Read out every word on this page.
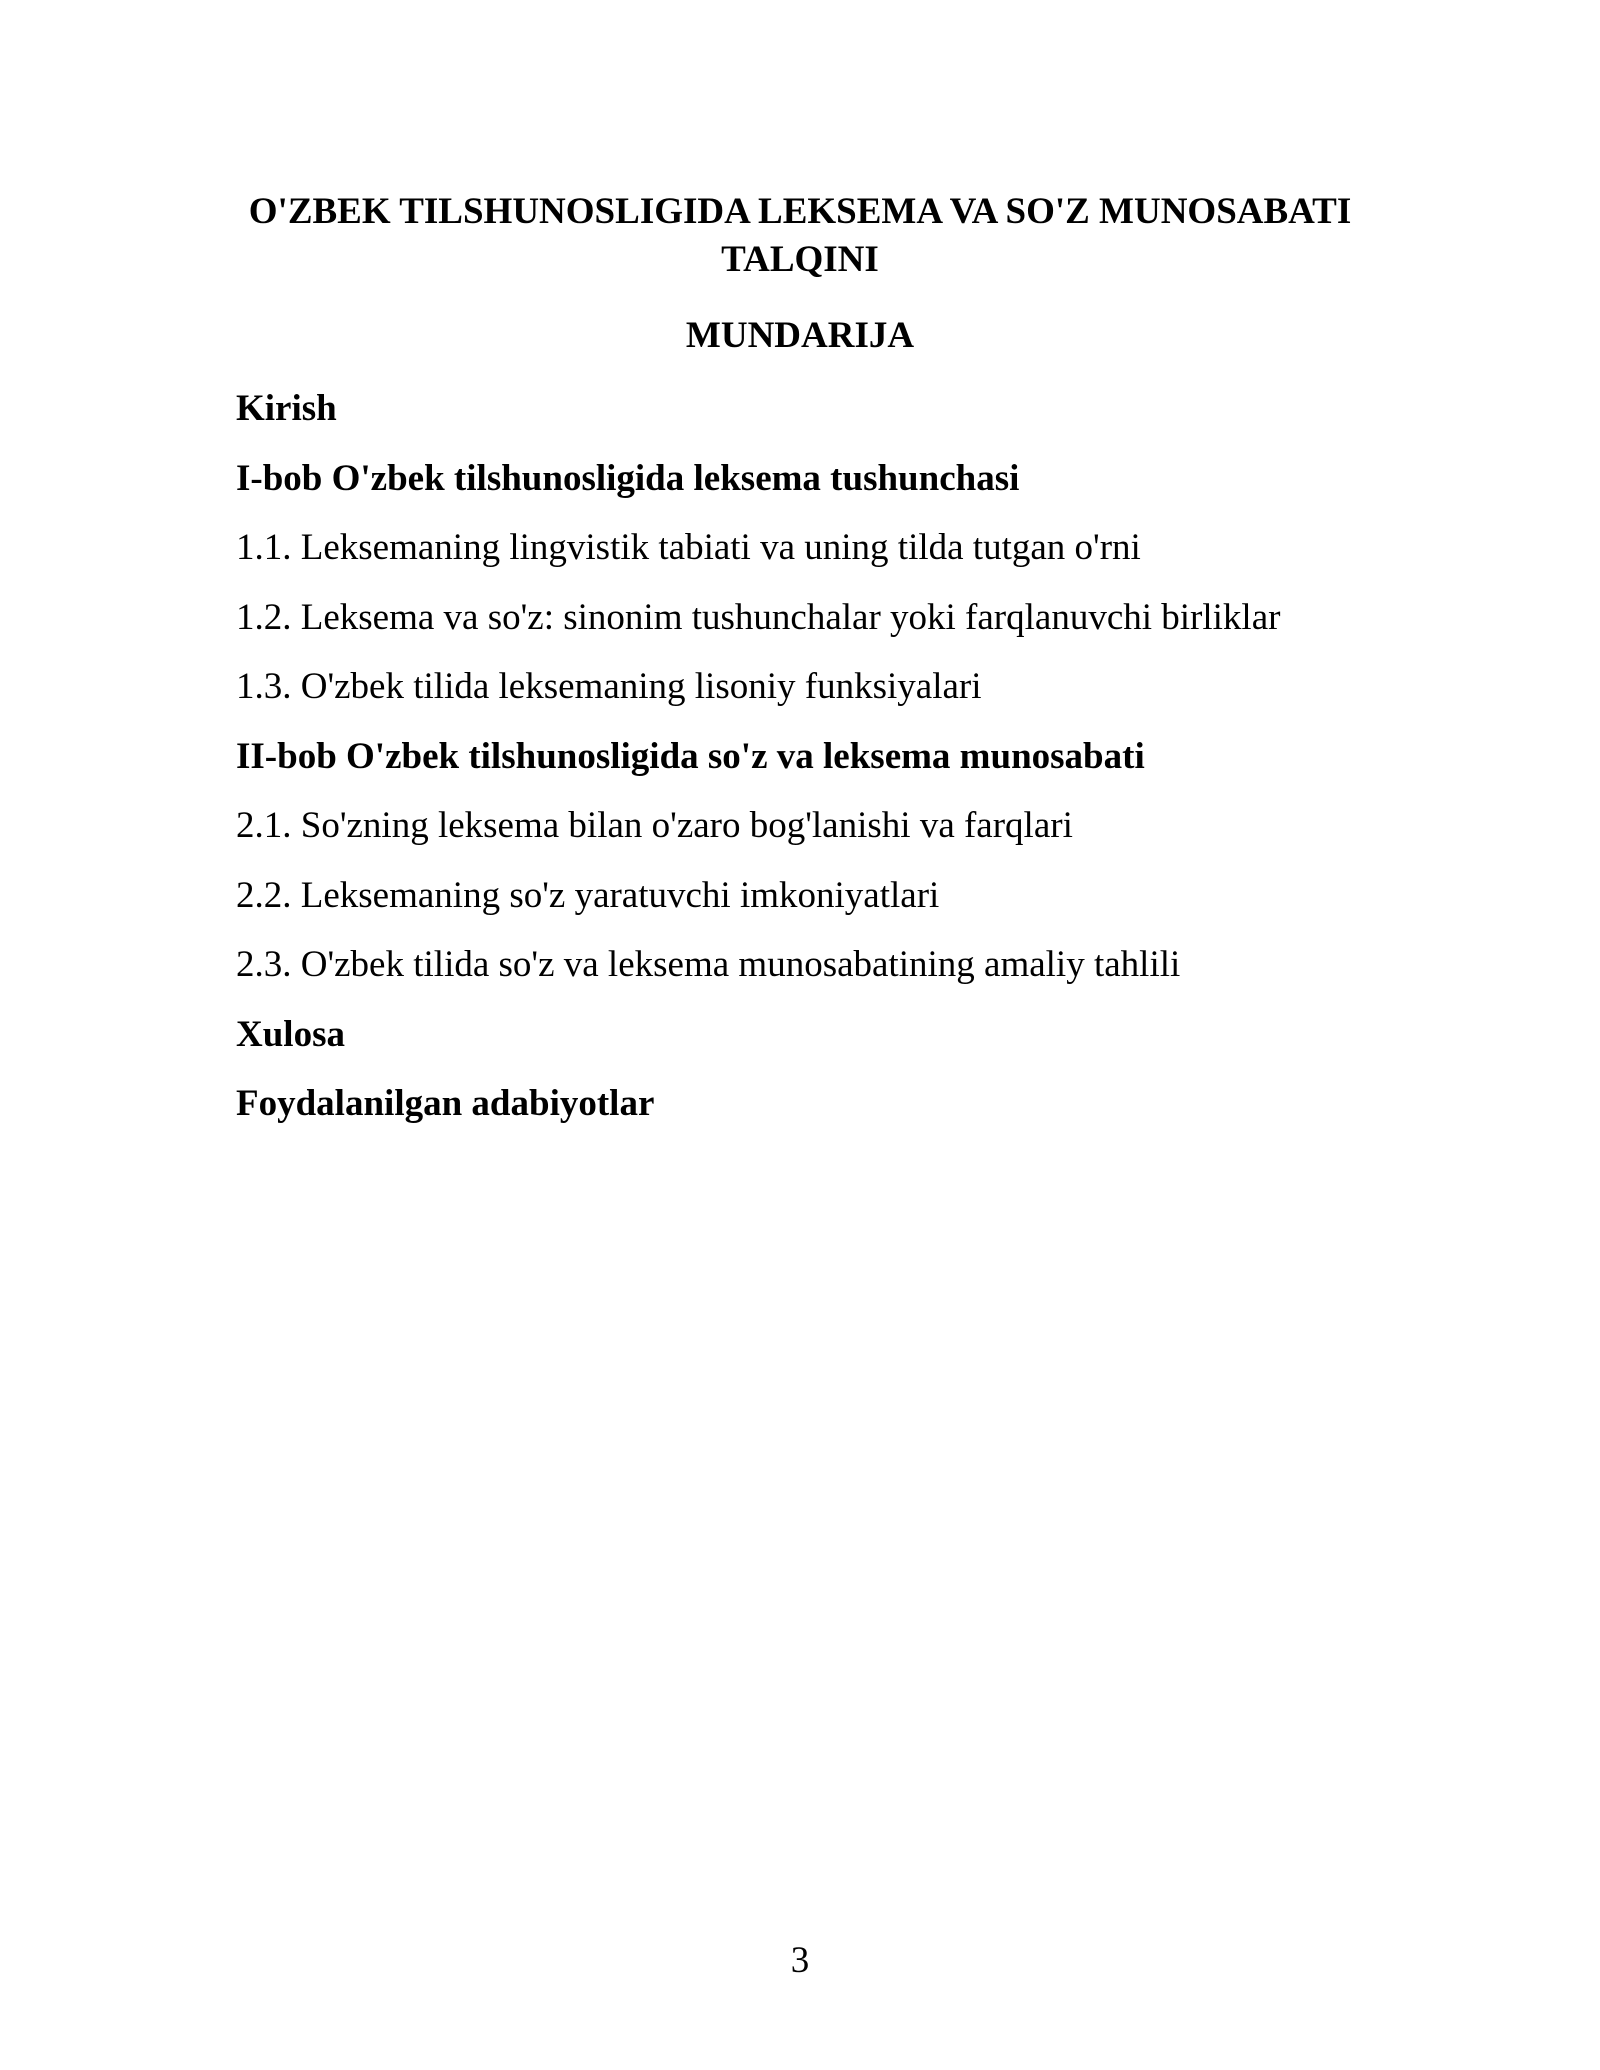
O'ZBEK TILSHUNOSLIGIDA LEKSEMA VA SO'Z MUNOSABATI TALQINI
MUNDARIJA
Kirish
I-bob O'zbek tilshunosligida leksema tushunchasi
1.1. Leksemaning lingvistik tabiati va uning tilda tutgan o'rni
1.2. Leksema va so'z: sinonim tushunchalar yoki farqlanuvchi birliklar
1.3. O'zbek tilida leksemaning lisoniy funksiyalari
II-bob O'zbek tilshunosligida so'z va leksema munosabati
2.1. So'zning leksema bilan o'zaro bog'lanishi va farqlari
2.2. Leksemaning so'z yaratuvchi imkoniyatlari
2.3. O'zbek tilida so'z va leksema munosabatining amaliy tahlili
Xulosa
Foydalanilgan adabiyotlar
3
